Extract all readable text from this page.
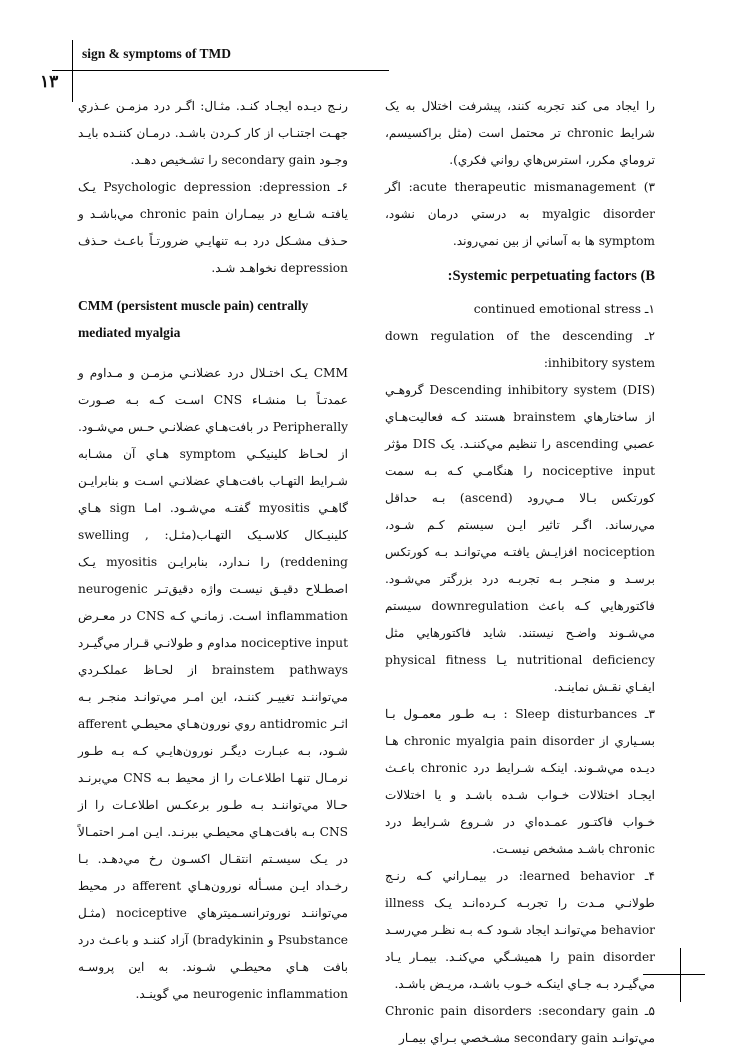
sign & symptoms of TMD
۱۳

را ایجاد می کند تجربه کنند، پیشرفت اختلال به یک شرایط chronic تر محتمل است (مثل براکسیسم، تروماي مکرر، استرس‌هاي رواني فکري).

۳) acute therapeutic mismanagement: اگر myalgic disorder به درستي درمان نشود، symptom ها به آساني از بين نمي‌روند.

:Systemic perpetuating factors (B

۱ـ continued emotional stress

۲ـ down regulation of the descending inhibitory system:

Descending inhibitory system (DIS) گروهـي از ساختارهاي brainstem هستند کـه فعاليت‌هـاي عصبي ascending را تنظيم مي‌کننـد. يک DIS مؤثر nociceptive input را هنگامـي کـه بـه سمت کورتکس بـالا مـي‌رود (ascend) بـه حداقل مي‌رساند. اگـر تاثير ايـن سيستم کـم شـود، nociception افزايـش يافتـه مي‌توانـد بـه کورتکس برسـد و منجـر بـه تجربـه درد بزرگتر مي‌شـود. فاکتورهايي کـه باعث downregulation سيستم مي‌شـوند واضـح نيستند. شايد فاکتورهايي مثل nutritional deficiency يـا physical fitness ايفـاي نقـش نماينـد.

۳ـ Sleep disturbances : بـه طـور معمـول بـا بسـياري از chronic myalgia pain disorder هـا ديـده مي‌شـوند. اينکـه شـرايط درد chronic باعـث ايجـاد اختلالات خـواب شـده باشـد و يا اختلالات خـواب فاکتـور عمـده‌اي در شـروع شـرايط درد chronic باشـد مشخص نيسـت.

۴ـ learned behavior: در بيمـاراني کـه رنـج طولانـي مـدت را تجربـه کـرده‌انـد يـک illness behavior مي‌توانـد ايجاد شـود کـه بـه نظـر مي‌رسـد pain disorder را هميشـگي مي‌کنـد. بيمـار يـاد مي‌گيـرد بـه جـاي اينکـه خـوب باشـد، مريـض باشـد.

۵ـ Chronic pain disorders :secondary gain مي‌توانـد secondary gain مشـخصي بـراي بيمـار

رنـج ديـده ايجـاد کنـد. مثـال: اگـر درد مزمـن عـذري جهـت اجتنـاب از کار کـردن باشـد. درمـان کننـده بايـد وجـود secondary gain را تشـخيص دهـد.

۶ـ Psychologic depression :depression يـک يافتـه شـايع در بيمـاران chronic pain مي‌باشـد و حـذف مشـکل درد بـه تنهايـي ضرورتـاً باعـث حـذف depression نخواهـد شـد.

CMM (persistent muscle pain) centrally mediated myalgia

CMM يـک اختـلال درد عضلانـي مزمـن و مـداوم و عمدتـاً بـا منشـاء CNS اسـت کـه بـه صـورت Peripherally در بافت‌هـاي عضلانـي حـس مي‌شـود. از لحـاظ کلينيکـي symptom هـاي آن مشـابه شـرايط التهـاب بافت‌هـاي عضلانـي اسـت و بنابرايـن گاهـي myositis گفتـه مي‌شـود. امـا sign هـاي کلينيـکال کلاسـيک التهـاب(مثـل: swelling , reddening) را نـدارد، بنابرايـن myositis يـک اصطـلاح دقيـق نيسـت واژه دقيق‌تـر neurogenic inflammation اسـت. زمانـي کـه CNS در معـرض nociceptive input مداوم و طولانـي قـرار مي‌گيـرد brainstem pathways از لحـاظ عملکـردي مي‌تواننـد تغييـر کننـد، اين امـر مي‌توانـد منجـر بـه اثـر antidromic روي نورون‌هـاي محيطـي afferent شـود، بـه عبـارت ديگـر نورون‌هايـي کـه بـه طـور نرمـال تنهـا اطلاعـات را از محيط بـه CNS مي‌برنـد حـالا مي‌تواننـد بـه طـور برعکـس اطلاعـات را از CNS بـه بافت‌هـاي محيطـي ببرنـد. ايـن امـر احتمـالاً در يـک سيسـتم انتقـال اکسـون رخ مي‌دهـد. بـا رخـداد ايـن مسـأله نورون‌هـاي afferent در محيط مي‌تواننـد نوروترانسـميترهاي nociceptive (مثـل Psubstance و bradykinin) آزاد کننـد و باعـث درد بافت هـاي محيطـي شـوند. به اين پروسـه neurogenic inflammation مي گوينـد.
